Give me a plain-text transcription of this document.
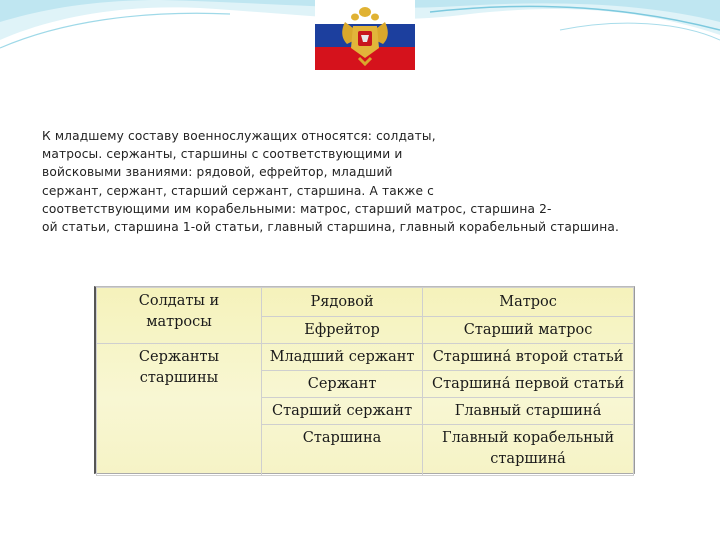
К младшему составу военнослужащих относятся: солдаты,
матросы. сержанты, старшины с соответствующими и
войсковыми званиями: рядовой, ефрейтор, младший
сержант, сержант, старший сержант, старшина. А также с
соответствующими им корабельными: матрос, старший матрос, старшина 2-
ой статьи, старшина 1-ой статьи, главный старшина, главный корабельный старшина.
Солдаты и
матросы	Рядовой	Матрос
	Ефрейтор	Старший матрос
Сержанты
старшины	Младший сержант	Старшина́ второй статьи́
	Сержант	Старшина́ первой статьи́
	Старший сержант	Главный старшина́
	Старшина	Главный корабельный
старшина́
